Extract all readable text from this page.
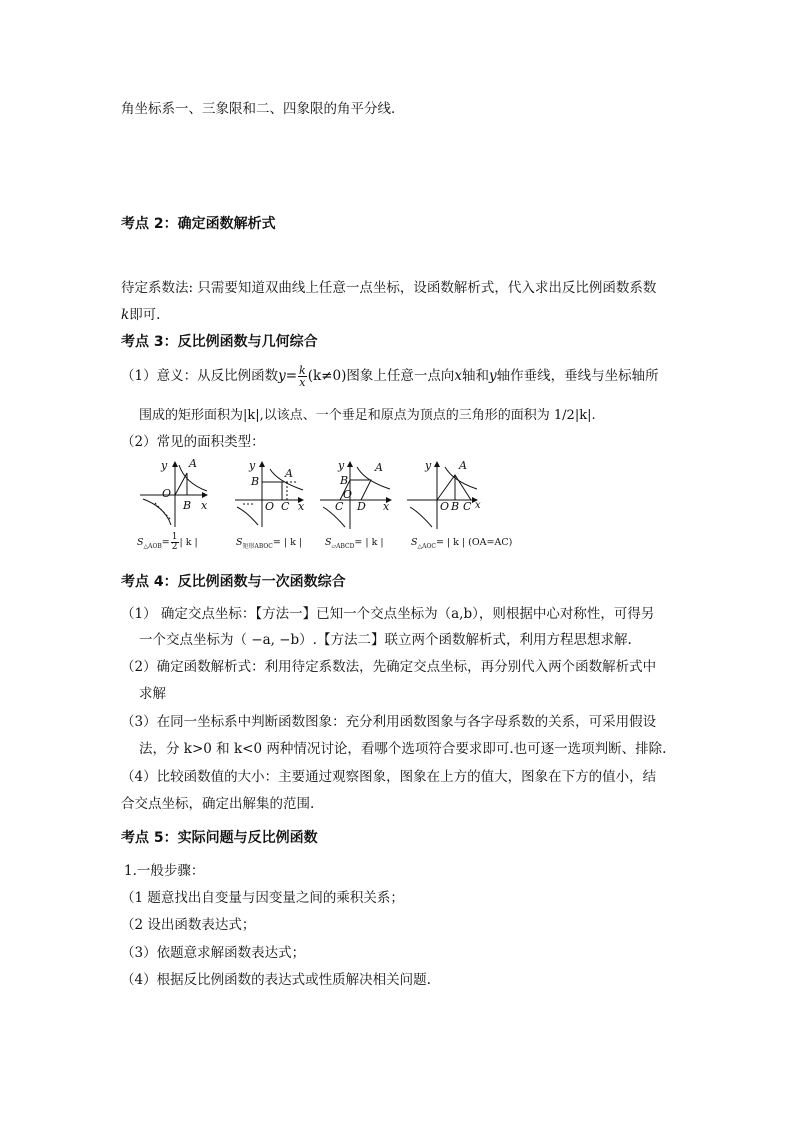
角坐标系一、三象限和二、四象限的角平分线．
考点 2：确定函数解析式
待定系数法: 只需要知道双曲线上任意一点坐标，设函数解析式，代入求出反比例函数系数
k即可.
考点 3：反比例函数与几何综合
（1）意义：从反比例函数$y= \frac{k}{x} (k\ne 0)$图象上任意一点向x轴和y轴作垂线，垂线与坐标轴所
围成的矩形面积为|k|,以该点、一个垂足和原点为顶点的三角形的面积为 1/2|k|.
（2）常见的面积类型：
y A
O
B x
y
A
B
O C x
y	A
B
O
C D x
y	A
O B C x
$S_{\triangle AOB}= \frac{1}{2}$ | k |	$S_{矩形ABOC}=$ | k | $S_{▱ABCD}=$ | k |	$S_{\triangle AOC}=$ | k | (OA=AC)
考点 4：反比例函数与一次函数综合
（1） 确定交点坐标：【方法一】已知一个交点坐标为（a,b），则根据中心对称性，可得另
一个交点坐标为（ −a, −b）.【方法二】联立两个函数解析式，利用方程思想求解.
（2）确定函数解析式：利用待定系数法，先确定交点坐标，再分别代入两个函数解析式中
求解
（3）在同一坐标系中判断函数图象：充分利用函数图象与各字母系数的关系，可采用假设
法，分 k>0 和 k<0 两种情况讨论，看哪个选项符合要求即可.也可逐一选项判断、排除.
（4）比较函数值的大小：主要通过观察图象，图象在上方的值大，图象在下方的值小，结
合交点坐标，确定出解集的范围.
考点 5：实际问题与反比例函数
1.一般步骤：
（1 题意找出自变量与因变量之间的乘积关系；
（2 设出函数表达式；
（3）依题意求解函数表达式；
（4）根据反比例函数的表达式或性质解决相关问题.
